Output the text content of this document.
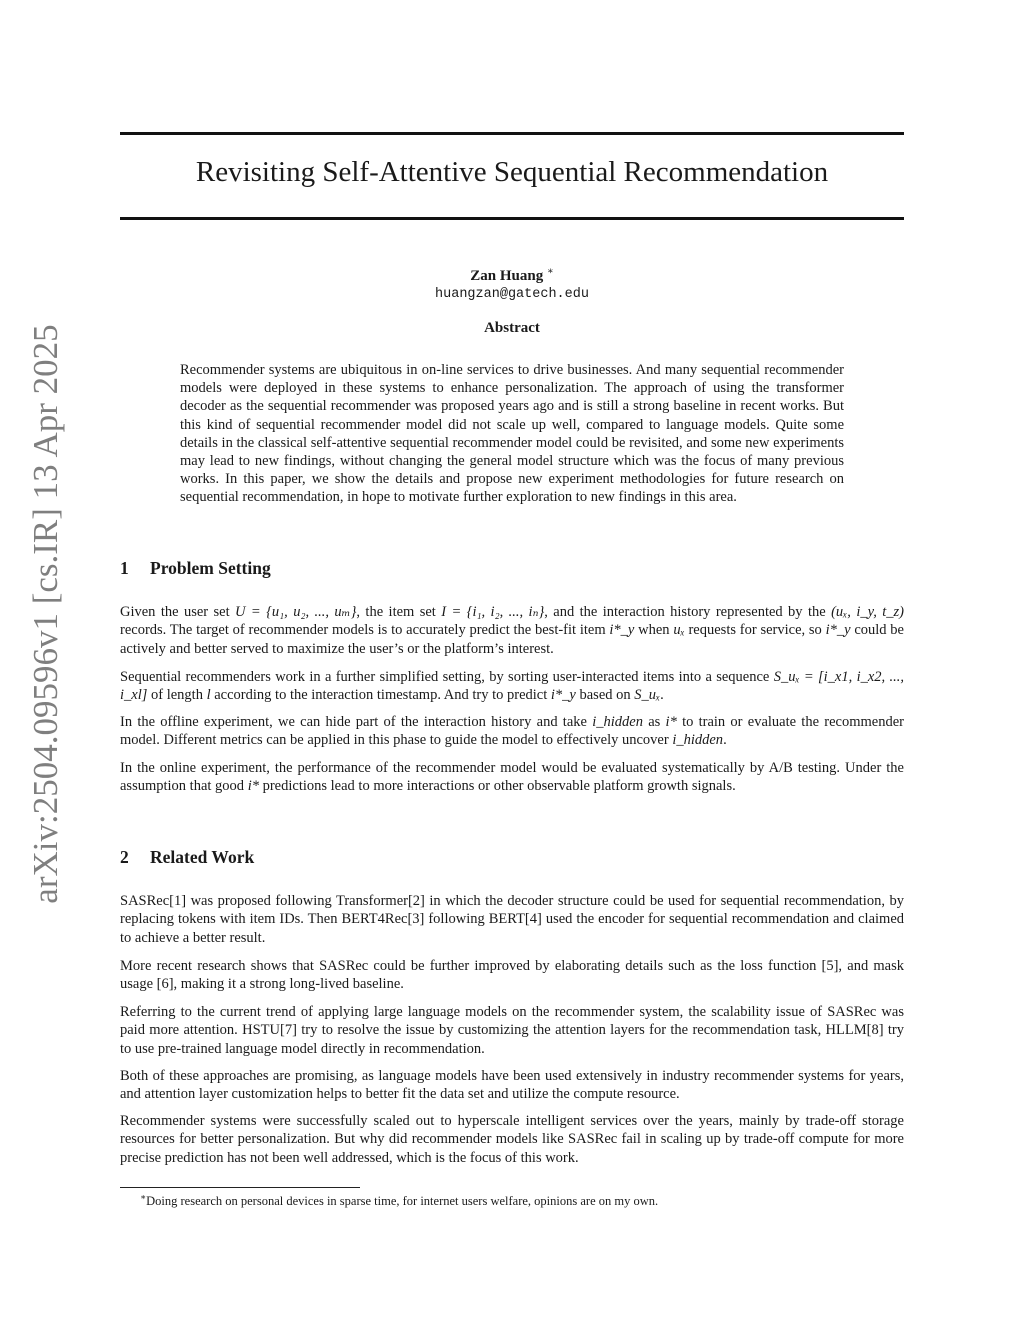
arXiv:2504.09596v1 [cs.IR] 13 Apr 2025
Revisiting Self-Attentive Sequential Recommendation
Zan Huang ∗
huangzan@gatech.edu
Abstract

Recommender systems are ubiquitous in on-line services to drive businesses. And many sequential recommender models were deployed in these systems to enhance personalization. The approach of using the transformer decoder as the sequential recommender was proposed years ago and is still a strong baseline in recent works. But this kind of sequential recommender model did not scale up well, compared to language models. Quite some details in the classical self-attentive sequential recommender model could be revisited, and some new experiments may lead to new findings, without changing the general model structure which was the focus of many previous works. In this paper, we show the details and propose new experiment methodologies for future research on sequential recommendation, in hope to motivate further exploration to new findings in this area.

1 Problem Setting

Given the user set U = {u₁, u₂, ..., uₘ}, the item set I = {i₁, i₂, ..., iₙ}, and the interaction history represented by the (uₓ, i_y, t_z) records. The target of recommender models is to accurately predict the best-fit item i*_y when uₓ requests for service, so i*_y could be actively and better served to maximize the user’s or the platform’s interest.

Sequential recommenders work in a further simplified setting, by sorting user-interacted items into a sequence S_uₓ = [i_x1, i_x2, ..., i_xl] of length l according to the interaction timestamp. And try to predict i*_y based on S_uₓ.

In the offline experiment, we can hide part of the interaction history and take i_hidden as i* to train or evaluate the recommender model. Different metrics can be applied in this phase to guide the model to effectively uncover i_hidden.

In the online experiment, the performance of the recommender model would be evaluated systematically by A/B testing. Under the assumption that good i* predictions lead to more interactions or other observable platform growth signals.

2 Related Work

SASRec[1] was proposed following Transformer[2] in which the decoder structure could be used for sequential recommendation, by replacing tokens with item IDs. Then BERT4Rec[3] following BERT[4] used the encoder for sequential recommendation and claimed to achieve a better result.

More recent research shows that SASRec could be further improved by elaborating details such as the loss function [5], and mask usage [6], making it a strong long-lived baseline.

Referring to the current trend of applying large language models on the recommender system, the scalability issue of SASRec was paid more attention. HSTU[7] try to resolve the issue by customizing the attention layers for the recommendation task, HLLM[8] try to use pre-trained language model directly in recommendation.

Both of these approaches are promising, as language models have been used extensively in industry recommender systems for years, and attention layer customization helps to better fit the data set and utilize the compute resource.

Recommender systems were successfully scaled out to hyperscale intelligent services over the years, mainly by trade-off storage resources for better personalization. But why did recommender models like SASRec fail in scaling up by trade-off compute for more precise prediction has not been well addressed, which is the focus of this work.

∗Doing research on personal devices in sparse time, for internet users welfare, opinions are on my own.
